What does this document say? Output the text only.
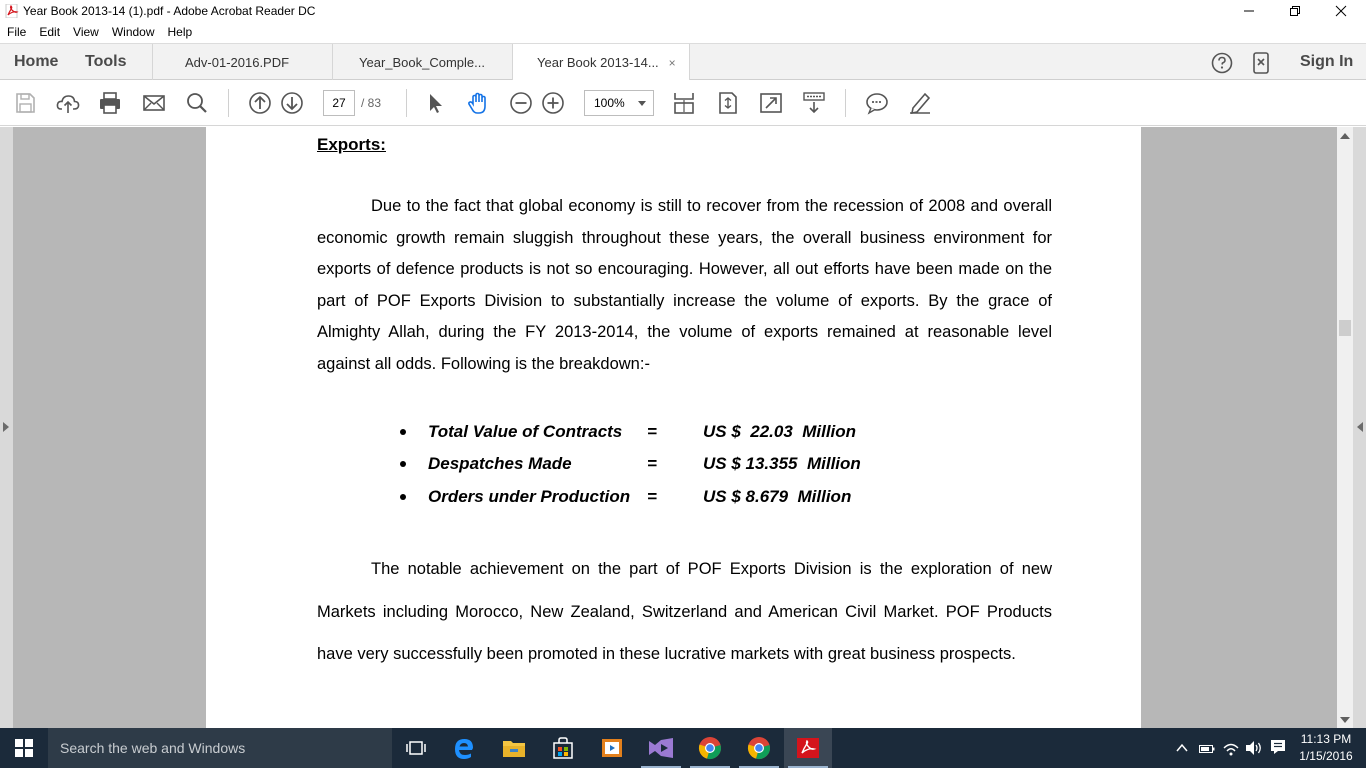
Year Book 2013-14 (1).pdf - Adobe Acrobat Reader DC
File	Edit	View	Window	Help
Home Tools	Adv-01-2016.PDF	Year_Book_Comple...	Year Book 2013-14... ×	Sign In
27	/ 83	100%
Exports:
Due to the fact that global economy is still to recover from the recession of 2008 and overall economic growth remain sluggish throughout these years, the overall business environment for exports of defence products is not so encouraging. However, all out efforts have been made on the part of POF Exports Division to substantially increase the volume of exports. By the grace of Almighty Allah, during the FY 2013-2014, the volume of exports remained at reasonable level against all odds. Following is the breakdown:-
Total Value of Contracts =	US $  22.03  Million
Despatches Made	=	US $ 13.355  Million
Orders under Production =	US $ 8.679  Million
The notable achievement on the part of POF Exports Division is the exploration of new Markets including Morocco, New Zealand, Switzerland and American Civil Market. POF Products have very successfully been promoted in these lucrative markets with great business prospects.
Search the web and Windows
11:13 PM
1/15/2016
